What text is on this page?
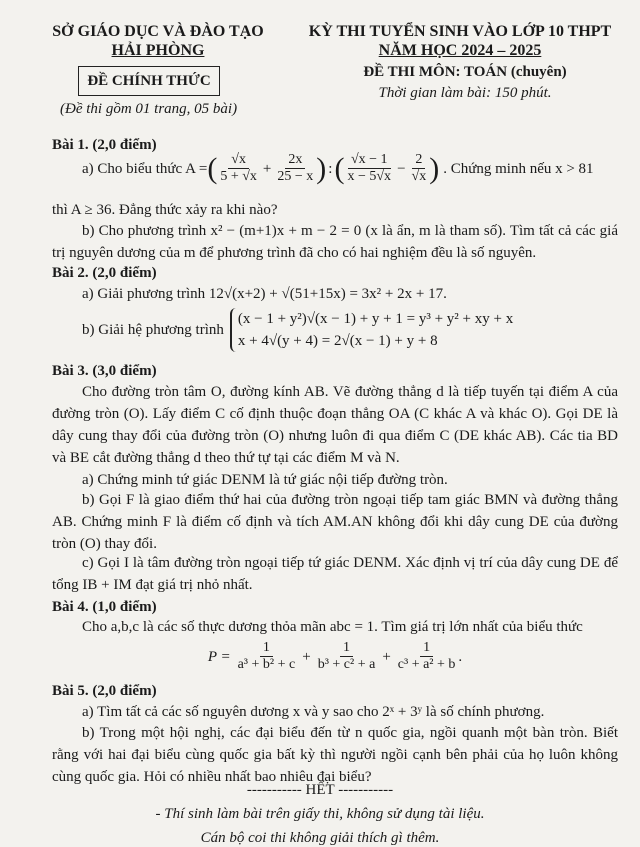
SỞ GIÁO DỤC VÀ ĐÀO TẠO
HẢI PHÒNG
ĐỀ CHÍNH THỨC
(Đề thi gồm 01 trang, 05 bài)
KỲ THI TUYỂN SINH VÀO LỚP 10 THPT
NĂM HỌC 2024 – 2025
ĐỀ THI MÔN: TOÁN (chuyên)
Thời gian làm bài: 150 phút.
Bài 1. (2,0 điểm)
a) Cho biểu thức A = ( $\frac{√x}{5 + √x} + \frac{2x}{25 - x}$ ) : ( $\frac{√x - 1}{x - 5√x} - \frac{2}{√x}$ ) . Chứng minh nếu x > 81
thì A ≥ 36. Đẳng thức xảy ra khi nào?
b) Cho phương trình x² − (m+1)x + m − 2 = 0 (x là ẩn, m là tham số). Tìm tất cả các giá trị nguyên dương của m để phương trình đã cho có hai nghiệm đều là số nguyên.
Bài 2. (2,0 điểm)
a) Giải phương trình 12√(x+2) + √(51+15x) = 3x² + 2x + 17.
b) Giải hệ phương trình
(x − 1 + y²)√(x − 1) + y + 1 = y³ + y² + xy + x
x + 4√(y + 4) = 2√(x − 1) + y + 8
Bài 3. (3,0 điểm)
Cho đường tròn tâm O, đường kính AB. Vẽ đường thẳng d là tiếp tuyến tại điểm A của đường tròn (O). Lấy điểm C cố định thuộc đoạn thẳng OA (C khác A và khác O). Gọi DE là dây cung thay đổi của đường tròn (O) nhưng luôn đi qua điểm C (DE khác AB). Các tia BD và BE cắt đường thẳng d theo thứ tự tại các điểm M và N.
a) Chứng minh tứ giác DENM là tứ giác nội tiếp đường tròn.
b) Gọi F là giao điểm thứ hai của đường tròn ngoại tiếp tam giác BMN và đường thẳng AB. Chứng minh F là điểm cố định và tích AM.AN không đổi khi dây cung DE của đường tròn (O) thay đổi.
c) Gọi I là tâm đường tròn ngoại tiếp tứ giác DENM. Xác định vị trí của dây cung DE để tổng IB + IM đạt giá trị nhỏ nhất.
Bài 4. (1,0 điểm)
Cho a,b,c là các số thực dương thỏa mãn abc = 1. Tìm giá trị lớn nhất của biểu thức
$P = \frac{1}{\text{a³ + b² + c}} + \frac{1}{\text{b³ + c² + a}} + \frac{1}{\text{c³ + a² + b}}$ .
Bài 5. (2,0 điểm)
a) Tìm tất cả các số nguyên dương x và y sao cho 2ˣ + 3ʸ là số chính phương.
b) Trong một hội nghị, các đại biểu đến từ n quốc gia, ngồi quanh một bàn tròn. Biết rằng với hai đại biểu cùng quốc gia bất kỳ thì người ngồi cạnh bên phải của họ luôn không cùng quốc gia. Hỏi có nhiều nhất bao nhiêu đại biểu?
----------- HẾT -----------
- Thí sinh làm bài trên giấy thi, không sử dụng tài liệu.
Cán bộ coi thi không giải thích gì thêm.
